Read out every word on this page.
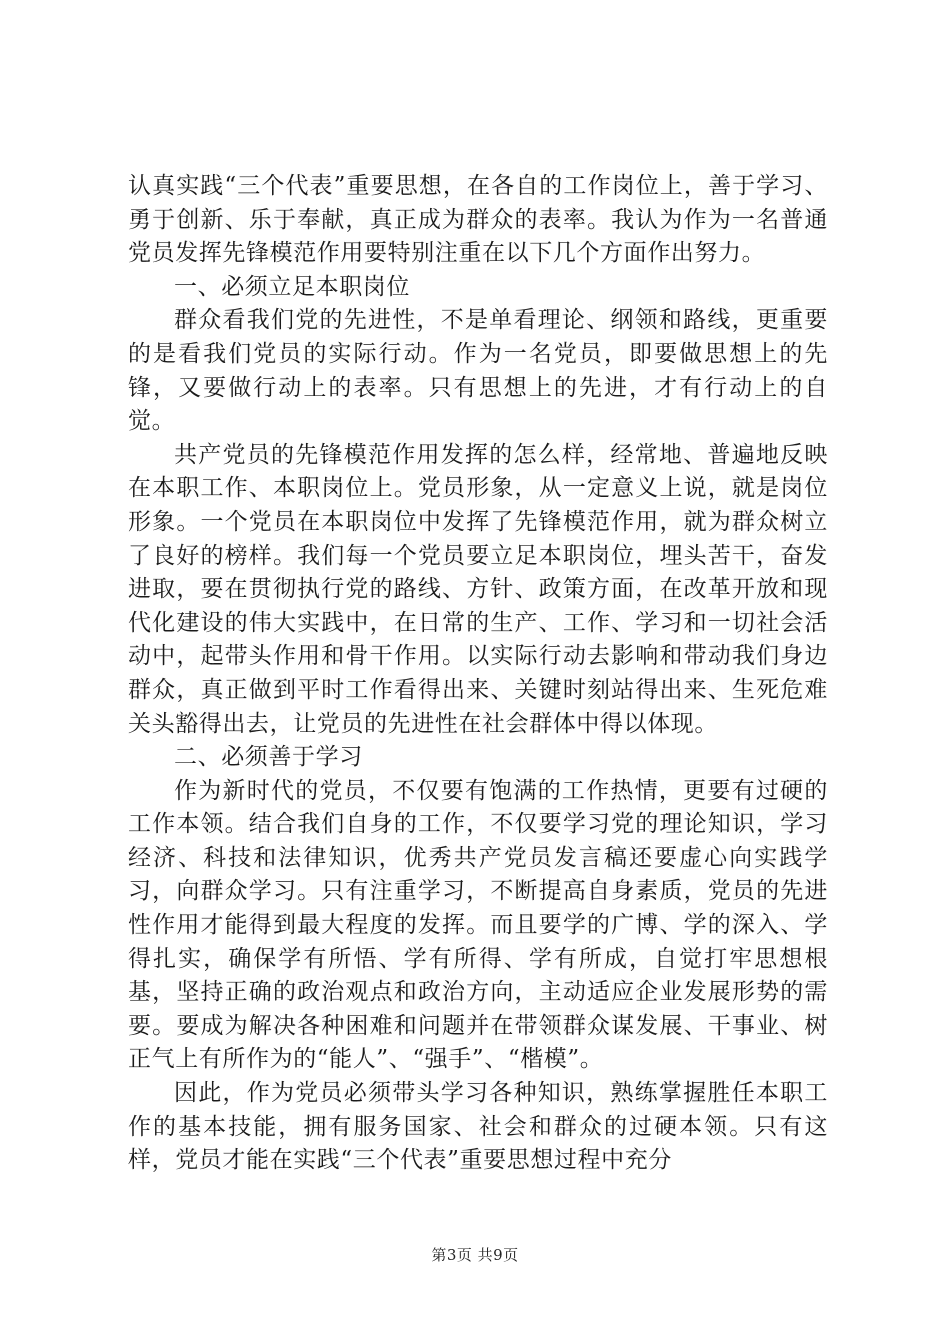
认真实践“三个代表”重要思想，在各自的工作岗位上，善于学习、勇于创新、乐于奉献，真正成为群众的表率。我认为作为一名普通党员发挥先锋模范作用要特别注重在以下几个方面作出努力。

一、必须立足本职岗位

群众看我们党的先进性，不是单看理论、纲领和路线，更重要的是看我们党员的实际行动。作为一名党员，即要做思想上的先锋，又要做行动上的表率。只有思想上的先进，才有行动上的自觉。

共产党员的先锋模范作用发挥的怎么样，经常地、普遍地反映在本职工作、本职岗位上。党员形象，从一定意义上说，就是岗位形象。一个党员在本职岗位中发挥了先锋模范作用，就为群众树立了良好的榜样。我们每一个党员要立足本职岗位，埋头苦干，奋发进取，要在贯彻执行党的路线、方针、政策方面，在改革开放和现代化建设的伟大实践中，在日常的生产、工作、学习和一切社会活动中，起带头作用和骨干作用。以实际行动去影响和带动我们身边群众，真正做到平时工作看得出来、关键时刻站得出来、生死危难关头豁得出去，让党员的先进性在社会群体中得以体现。

二、必须善于学习

作为新时代的党员，不仅要有饱满的工作热情，更要有过硬的工作本领。结合我们自身的工作，不仅要学习党的理论知识，学习经济、科技和法律知识，优秀共产党员发言稿还要虚心向实践学习，向群众学习。只有注重学习，不断提高自身素质，党员的先进性作用才能得到最大程度的发挥。而且要学的广博、学的深入、学得扎实，确保学有所悟、学有所得、学有所成，自觉打牢思想根基，坚持正确的政治观点和政治方向，主动适应企业发展形势的需要。要成为解决各种困难和问题并在带领群众谋发展、干事业、树正气上有所作为的“能人”、“强手”、“楷模”。

因此，作为党员必须带头学习各种知识，熟练掌握胜任本职工作的基本技能，拥有服务国家、社会和群众的过硬本领。只有这样，党员才能在实践“三个代表”重要思想过程中充分

第3页 共9页
